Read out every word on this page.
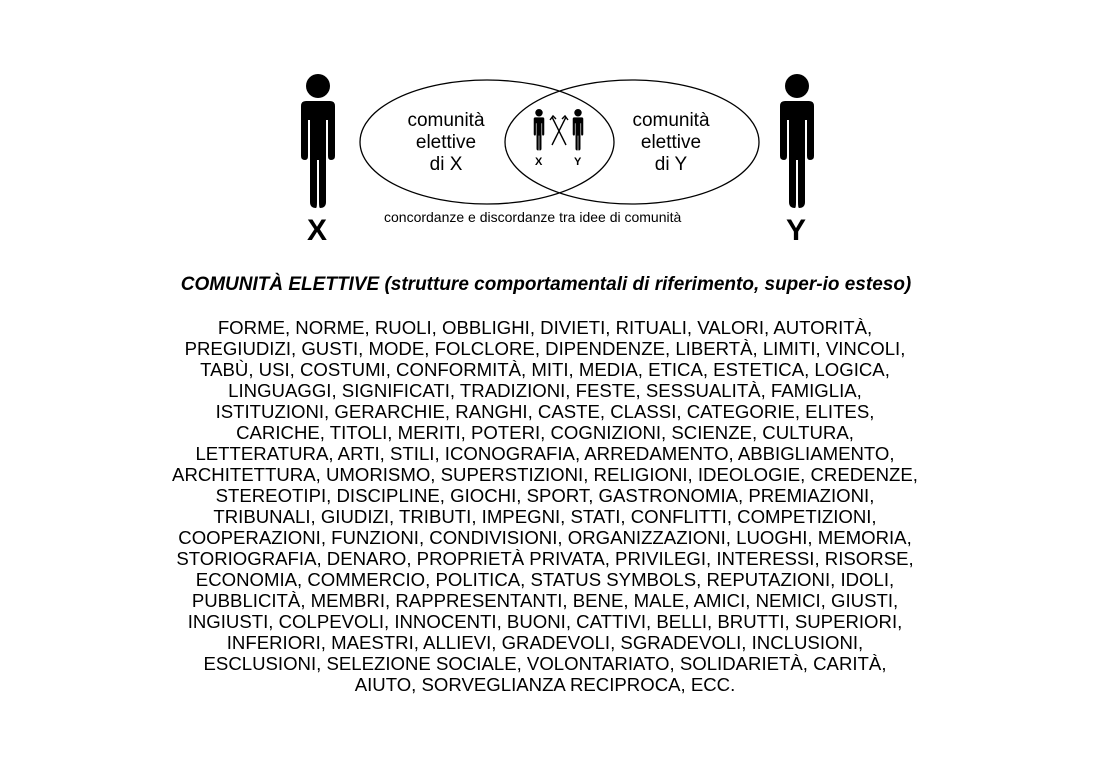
comunità
elettive
di X
comunità
elettive
di Y
X	Y
X	Y
concordanze e discordanze tra idee di comunità
COMUNITÀ ELETTIVE (strutture comportamentali di riferimento, super-io esteso)
FORME, NORME, RUOLI, OBBLIGHI, DIVIETI, RITUALI, VALORI, AUTORITÀ,
PREGIUDIZI, GUSTI, MODE, FOLCLORE, DIPENDENZE, LIBERTÀ, LIMITI, VINCOLI,
TABÙ, USI, COSTUMI, CONFORMITÀ, MITI, MEDIA, ETICA, ESTETICA, LOGICA,
LINGUAGGI, SIGNIFICATI, TRADIZIONI, FESTE, SESSUALITÀ, FAMIGLIA,
ISTITUZIONI, GERARCHIE, RANGHI, CASTE, CLASSI, CATEGORIE, ELITES,
CARICHE, TITOLI, MERITI, POTERI, COGNIZIONI, SCIENZE, CULTURA,
LETTERATURA, ARTI, STILI, ICONOGRAFIA, ARREDAMENTO, ABBIGLIAMENTO,
ARCHITETTURA, UMORISMO, SUPERSTIZIONI, RELIGIONI, IDEOLOGIE, CREDENZE,
STEREOTIPI, DISCIPLINE, GIOCHI, SPORT, GASTRONOMIA, PREMIAZIONI,
TRIBUNALI, GIUDIZI, TRIBUTI, IMPEGNI, STATI, CONFLITTI, COMPETIZIONI,
COOPERAZIONI, FUNZIONI, CONDIVISIONI, ORGANIZZAZIONI, LUOGHI, MEMORIA,
STORIOGRAFIA, DENARO, PROPRIETÀ PRIVATA, PRIVILEGI, INTERESSI, RISORSE,
ECONOMIA, COMMERCIO, POLITICA, STATUS SYMBOLS, REPUTAZIONI, IDOLI,
PUBBLICITÀ, MEMBRI, RAPPRESENTANTI, BENE, MALE, AMICI, NEMICI, GIUSTI,
INGIUSTI, COLPEVOLI, INNOCENTI, BUONI, CATTIVI, BELLI, BRUTTI, SUPERIORI,
INFERIORI, MAESTRI, ALLIEVI, GRADEVOLI, SGRADEVOLI, INCLUSIONI,
ESCLUSIONI, SELEZIONE SOCIALE, VOLONTARIATO, SOLIDARIETÀ, CARITÀ,
AIUTO, SORVEGLIANZA RECIPROCA, ECC.
